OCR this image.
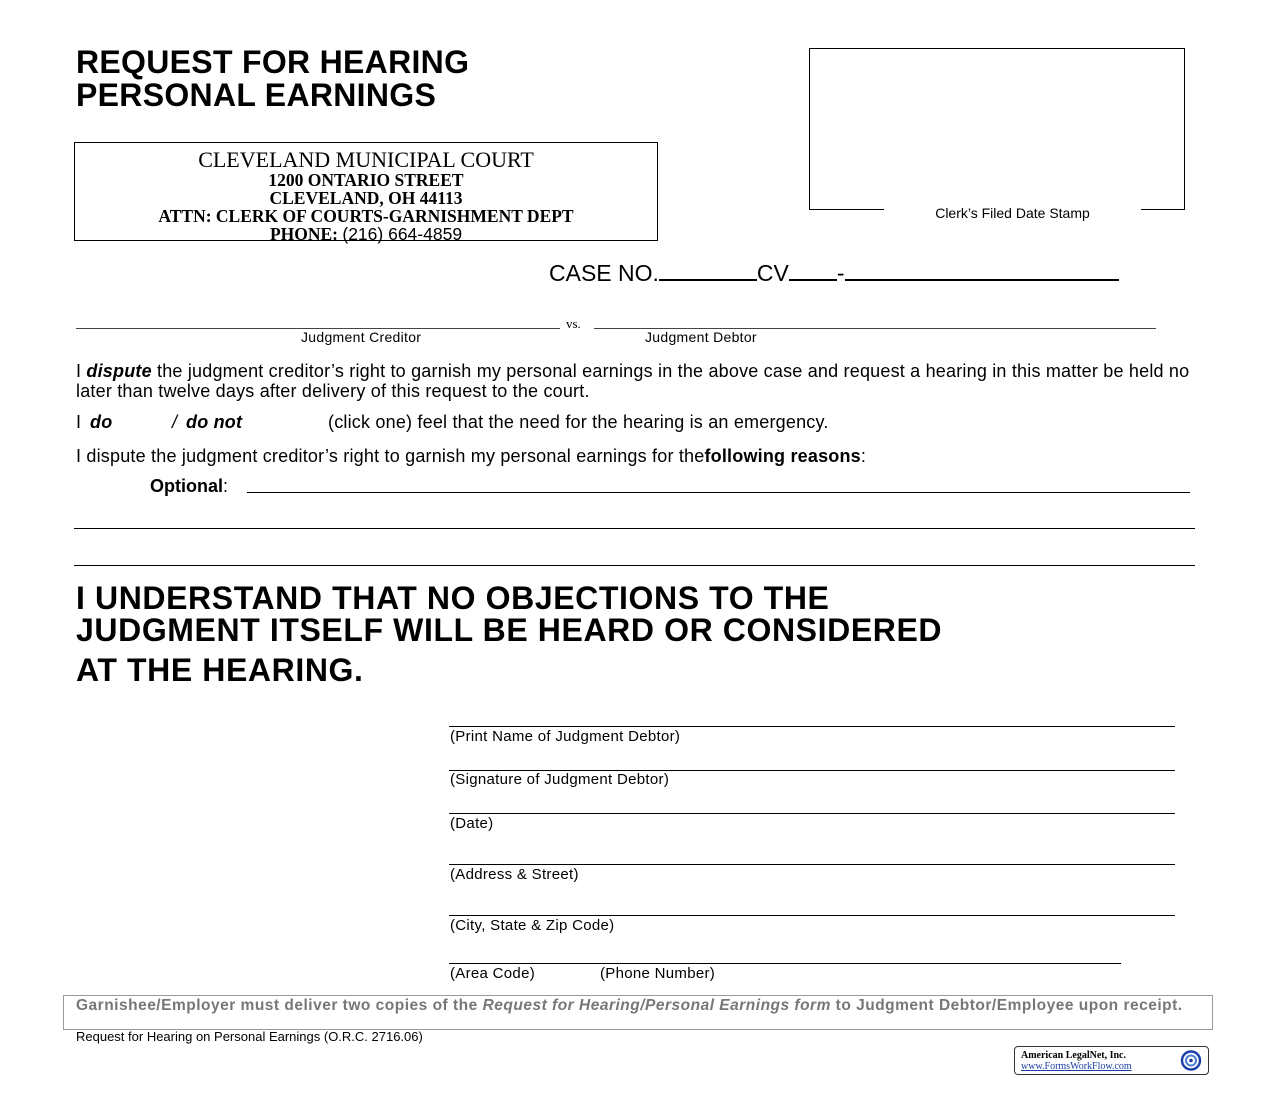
REQUEST FOR HEARING
PERSONAL EARNINGS
CLEVELAND MUNICIPAL COURT
1200 ONTARIO STREET
CLEVELAND, OH 44113
ATTN: CLERK OF COURTS-GARNISHMENT DEPT
PHONE: (216) 664-4859
Clerk’s Filed Date Stamp
CASE NO.	CV -
vs.
Judgment Creditor	Judgment Debtor
I dispute the judgment creditor’s right to garnish my personal earnings in the above case and request a hearing in this matter be held no later than twelve days after delivery of this request to the court.
I do	/ do not	(click one) feel that the need for the hearing is an emergency.
I dispute the judgment creditor’s right to garnish my personal earnings for thefollowing reasons:
Optional:
I UNDERSTAND THAT NO OBJECTIONS TO THE
JUDGMENT ITSELF WILL BE HEARD OR CONSIDERED
AT THE HEARING.
(Print Name of Judgment Debtor)
(Signature of Judgment Debtor)
(Date)
(Address & Street)
(City, State & Zip Code)
(Area Code)	(Phone Number)
Garnishee/Employer must deliver two copies of the Request for Hearing/Personal Earnings form to Judgment Debtor/Employee upon receipt.
Request for Hearing on Personal Earnings (O.R.C. 2716.06)
American LegalNet, Inc.
www.FormsWorkFlow.com
